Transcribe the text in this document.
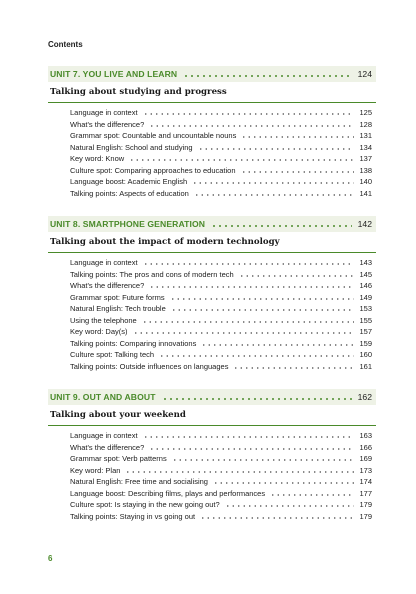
Contents
UNIT 7. YOU LIVE AND LEARN	124
Talking about studying and progress
Language in context	125
What's the difference?	128
Grammar spot: Countable and uncountable nouns	131
Natural English: School and studying	134
Key word: Know	137
Culture spot: Comparing approaches to education	138
Language boost: Academic English	140
Talking points: Aspects of education	141
UNIT 8. SMARTPHONE GENERATION	142
Talking about the impact of modern technology
Language in context	143
Talking points: The pros and cons of modern tech	145
What's the difference?	146
Grammar spot: Future forms	149
Natural English: Tech trouble	153
Using the telephone	155
Key word: Day(s)	157
Talking points: Comparing innovations	159
Culture spot: Talking tech	160
Talking points: Outside influences on languages	161
UNIT 9. OUT AND ABOUT	162
Talking about your weekend
Language in context	163
What's the difference?	166
Grammar spot: Verb patterns	169
Key word: Plan	173
Natural English: Free time and socialising	174
Language boost: Describing films, plays and performances	177
Culture spot: Is staying in the new going out?	179
Talking points: Staying in vs going out	179
6
